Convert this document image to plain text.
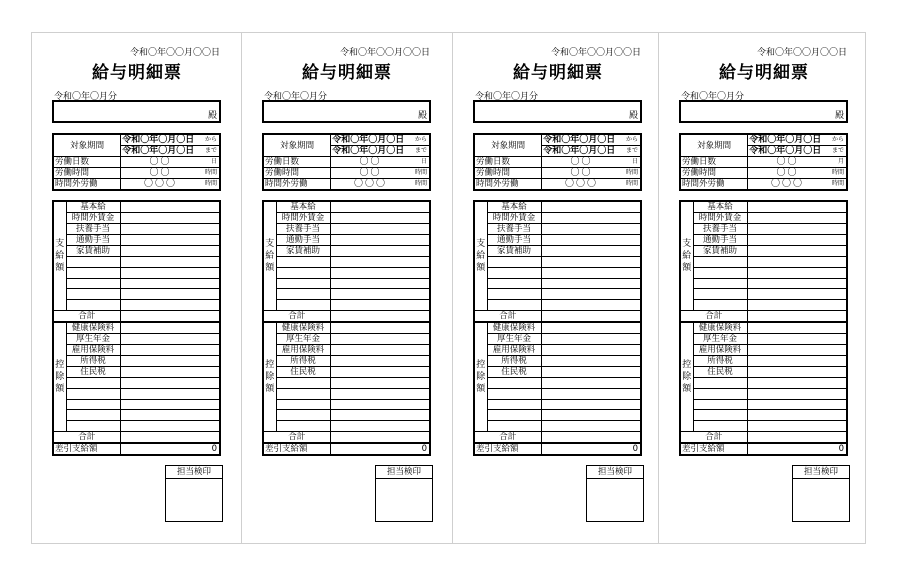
令和〇年〇〇月〇〇日
給与明細票
令和〇年〇月分
殿
対象期間	令和〇年〇月〇日	から
	令和〇年〇月〇日	まで
労働日数	〇〇	日
労働時間	〇〇	時間
時間外労働	〇〇〇	時間
支給額	基本給	
	時間外賃金	
	扶養手当	
	通勤手当	
	家賃補助	

合計		
控除額	健康保険料	
	厚生年金	
	雇用保険料	
	所得税	
	住民税	

合計		
差引支給額		0
担当検印
令和〇年〇〇月〇〇日
給与明細票
令和〇年〇月分
殿
対象期間	令和〇年〇月〇日	から
	令和〇年〇月〇日	まで
労働日数	〇〇	日
労働時間	〇〇	時間
時間外労働	〇〇〇	時間
支給額	基本給	
	時間外賃金	
	扶養手当	
	通勤手当	
	家賃補助	

合計		
控除額	健康保険料	
	厚生年金	
	雇用保険料	
	所得税	
	住民税	

合計		
差引支給額		0
担当検印
令和〇年〇〇月〇〇日
給与明細票
令和〇年〇月分
殿
対象期間	令和〇年〇月〇日	から
	令和〇年〇月〇日	まで
労働日数	〇〇	日
労働時間	〇〇	時間
時間外労働	〇〇〇	時間
支給額	基本給	
	時間外賃金	
	扶養手当	
	通勤手当	
	家賃補助	

合計		
控除額	健康保険料	
	厚生年金	
	雇用保険料	
	所得税	
	住民税	

合計		
差引支給額		0
担当検印
令和〇年〇〇月〇〇日
給与明細票
令和〇年〇月分
殿
対象期間	令和〇年〇月〇日	から
	令和〇年〇月〇日	まで
労働日数	〇〇	月
労働時間	〇〇	時間
時間外労働	〇〇〇	時間
支給額	基本給	
	時間外賃金	
	扶養手当	
	通勤手当	
	家賃補助	

合計		
控除額	健康保険料	
	厚生年金	
	雇用保険料	
	所得税	
	住民税	

合計		
差引支給額		0
担当検印
